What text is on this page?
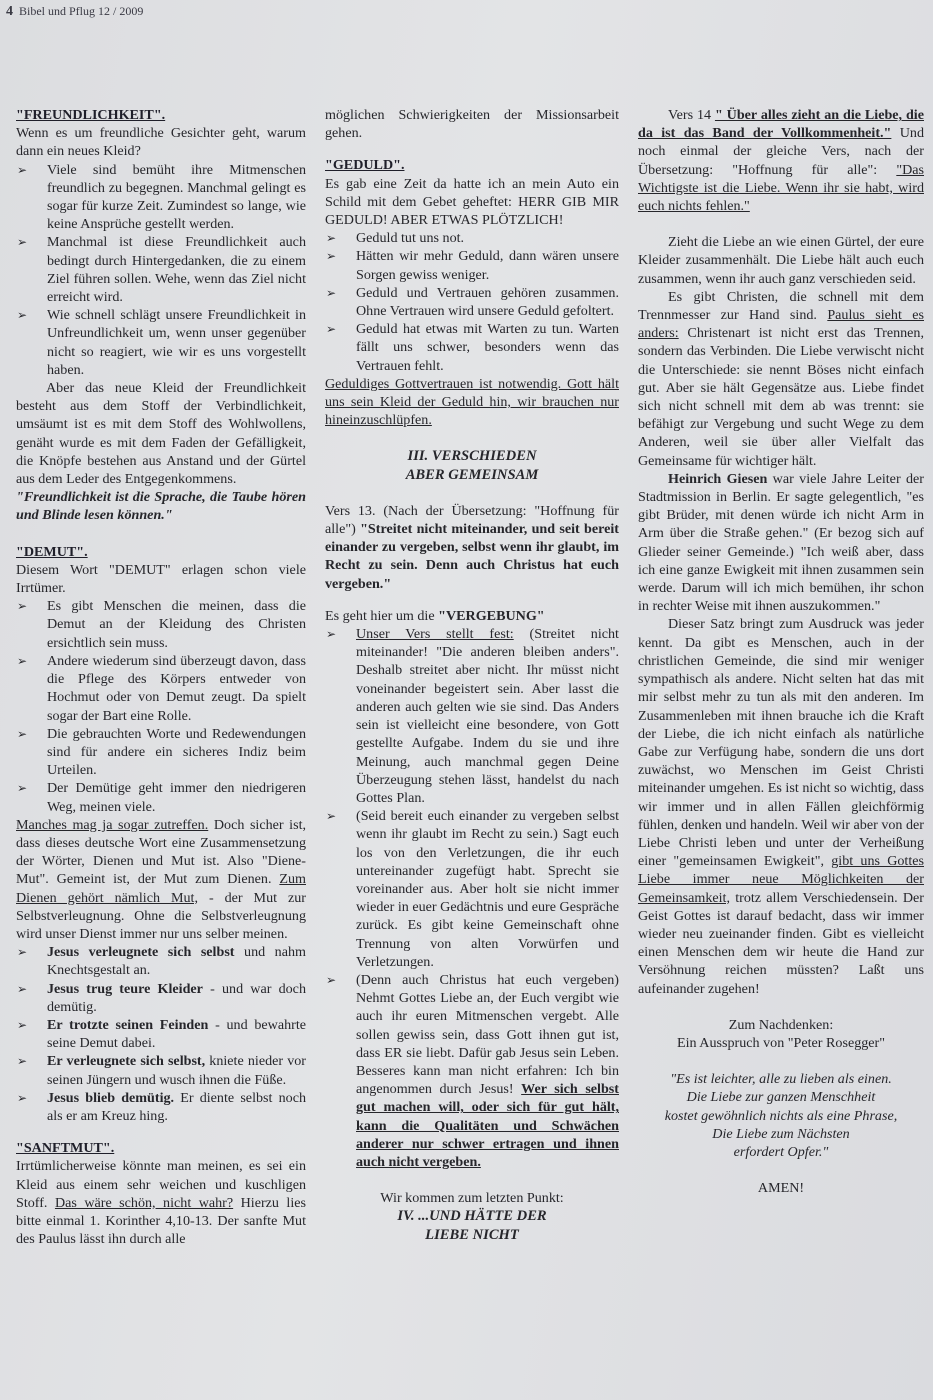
4 Bibel und Pflug 12 / 2009

"FREUNDLICHKEIT".

Wenn es um freundliche Gesichter geht, warum dann ein neues Kleid?

➢ Viele sind bemüht ihre Mitmenschen freundlich zu begegnen. Manchmal gelingt es sogar für kurze Zeit. Zumindest so lange, wie keine Ansprüche gestellt werden.
➢ Manchmal ist diese Freundlichkeit auch bedingt durch Hintergedanken, die zu einem Ziel führen sollen. Wehe, wenn das Ziel nicht erreicht wird.
➢ Wie schnell schlägt unsere Freundlichkeit in Unfreundlichkeit um, wenn unser gegenüber nicht so reagiert, wie wir es uns vorgestellt haben.

Aber das neue Kleid der Freundlichkeit besteht aus dem Stoff der Verbindlichkeit, umsäumt ist es mit dem Stoff des Wohlwollens, genäht wurde es mit dem Faden der Gefälligkeit, die Knöpfe bestehen aus Anstand und der Gürtel aus dem Leder des Entgegenkommens.

"Freundlichkeit ist die Sprache, die Taube hören und Blinde lesen können."

"DEMUT".

Diesem Wort "DEMUT" erlagen schon viele Irrtümer.

➢ Es gibt Menschen die meinen, dass die Demut an der Kleidung des Christen ersichtlich sein muss.
➢ Andere wiederum sind überzeugt davon, dass die Pflege des Körpers entweder von Hochmut oder von Demut zeugt. Da spielt sogar der Bart eine Rolle.
➢ Die gebrauchten Worte und Redewendungen sind für andere ein sicheres Indiz beim Urteilen.
➢ Der Demütige geht immer den niedrigeren Weg, meinen viele.

Manches mag ja sogar zutreffen. Doch sicher ist, dass dieses deutsche Wort eine Zusammensetzung der Wörter, Dienen und Mut ist. Also "Diene-Mut". Gemeint ist, der Mut zum Dienen. Zum Dienen gehört nämlich Mut, - der Mut zur Selbstverleugnung. Ohne die Selbstverleugnung wird unser Dienst immer nur uns selber meinen.

➢ Jesus verleugnete sich selbst und nahm Knechtsgestalt an.
➢ Jesus trug teure Kleider - und war doch demütig.
➢ Er trotzte seinen Feinden - und bewahrte seine Demut dabei.
➢ Er verleugnete sich selbst, kniete nieder vor seinen Jüngern und wusch ihnen die Füße.
➢ Jesus blieb demütig. Er diente selbst noch als er am Kreuz hing.

"SANFTMUT".

Irrtümlicherweise könnte man meinen, es sei ein Kleid aus einem sehr weichen und kuschligen Stoff. Das wäre schön, nicht wahr? Hierzu lies bitte einmal 1. Korinther 4,10-13. Der sanfte Mut des Paulus lässt ihn durch alle

möglichen Schwierigkeiten der Missionsarbeit gehen.

"GEDULD".

Es gab eine Zeit da hatte ich an mein Auto ein Schild mit dem Gebet geheftet: HERR GIB MIR GEDULD! ABER ETWAS PLÖTZLICH!

➢ Geduld tut uns not.
➢ Hätten wir mehr Geduld, dann wären unsere Sorgen gewiss weniger.
➢ Geduld und Vertrauen gehören zusammen. Ohne Vertrauen wird unsere Geduld gefoltert.
➢ Geduld hat etwas mit Warten zu tun. Warten fällt uns schwer, besonders wenn das Vertrauen fehlt.

Geduldiges Gottvertrauen ist notwendig. Gott hält uns sein Kleid der Geduld hin, wir brauchen nur hineinzuschlüpfen.

III. VERSCHIEDEN

ABER GEMEINSAM

Vers 13. (Nach der Übersetzung: "Hoffnung für alle") "Streitet nicht miteinander, und seit bereit einander zu vergeben, selbst wenn ihr glaubt, im Recht zu sein. Denn auch Christus hat euch vergeben."

Es geht hier um die "VERGEBUNG"

➢ Unser Vers stellt fest: (Streitet nicht miteinander! "Die anderen bleiben anders". Deshalb streitet aber nicht. Ihr müsst nicht voneinander begeistert sein. Aber lasst die anderen auch gelten wie sie sind. Das Anders sein ist vielleicht eine besondere, von Gott gestellte Aufgabe. Indem du sie und ihre Meinung, auch manchmal gegen Deine Überzeugung stehen lässt, handelst du nach Gottes Plan.
➢ (Seid bereit euch einander zu vergeben selbst wenn ihr glaubt im Recht zu sein.) Sagt euch los von den Verletzungen, die ihr euch untereinander zugefügt habt. Sprecht sie voreinander aus. Aber holt sie nicht immer wieder in euer Gedächtnis und eure Gespräche zurück. Es gibt keine Gemeinschaft ohne Trennung von alten Vorwürfen und Verletzungen.
➢ (Denn auch Christus hat euch vergeben) Nehmt Gottes Liebe an, der Euch vergibt wie auch ihr euren Mitmenschen vergebt. Alle sollen gewiss sein, dass Gott ihnen gut ist, dass ER sie liebt. Dafür gab Jesus sein Leben. Besseres kann man nicht erfahren: Ich bin angenommen durch Jesus! Wer sich selbst gut machen will, oder sich für gut hält, kann die Qualitäten und Schwächen anderer nur schwer ertragen und ihnen auch nicht vergeben.

Wir kommen zum letzten Punkt:

IV. ...UND HÄTTE DER

LIEBE NICHT

Vers 14 " Über alles zieht an die Liebe, die da ist das Band der Vollkommenheit." Und noch einmal der gleiche Vers, nach der Übersetzung: "Hoffnung für alle": "Das Wichtigste ist die Liebe. Wenn ihr sie habt, wird euch nichts fehlen."

Zieht die Liebe an wie einen Gürtel, der eure Kleider zusammenhält. Die Liebe hält auch euch zusammen, wenn ihr auch ganz verschieden seid.

Es gibt Christen, die schnell mit dem Trennmesser zur Hand sind. Paulus sieht es anders: Christenart ist nicht erst das Trennen, sondern das Verbinden. Die Liebe verwischt nicht die Unterschiede: sie nennt Böses nicht einfach gut. Aber sie hält Gegensätze aus. Liebe findet sich nicht schnell mit dem ab was trennt: sie befähigt zur Vergebung und sucht Wege zu dem Anderen, weil sie über aller Vielfalt das Gemeinsame für wichtiger hält.

Heinrich Giesen war viele Jahre Leiter der Stadtmission in Berlin. Er sagte gelegentlich, "es gibt Brüder, mit denen würde ich nicht Arm in Arm über die Straße gehen." (Er bezog sich auf Glieder seiner Gemeinde.) "Ich weiß aber, dass ich eine ganze Ewigkeit mit ihnen zusammen sein werde. Darum will ich mich bemühen, ihr schon in rechter Weise mit ihnen auszukommen."

Dieser Satz bringt zum Ausdruck was jeder kennt. Da gibt es Menschen, auch in der christlichen Gemeinde, die sind mir weniger sympathisch als andere. Nicht selten hat das mit mir selbst mehr zu tun als mit den anderen. Im Zusammenleben mit ihnen brauche ich die Kraft der Liebe, die ich nicht einfach als natürliche Gabe zur Verfügung habe, sondern die uns dort zuwächst, wo Menschen im Geist Christi miteinander umgehen. Es ist nicht so wichtig, dass wir immer und in allen Fällen gleichförmig fühlen, denken und handeln. Weil wir aber von der Liebe Christi leben und unter der Verheißung einer "gemeinsamen Ewigkeit", gibt uns Gottes Liebe immer neue Möglichkeiten der Gemeinsamkeit, trotz allem Verschiedensein. Der Geist Gottes ist darauf bedacht, dass wir immer wieder neu zueinander finden. Gibt es vielleicht einen Menschen dem wir heute die Hand zur Versöhnung reichen müssten? Laßt uns aufeinander zugehen!

Zum Nachdenken:

Ein Ausspruch von "Peter Rosegger"

"Es ist leichter, alle zu lieben als einen.

Die Liebe zur ganzen Menschheit

kostet gewöhnlich nichts als eine Phrase,

Die Liebe zum Nächsten

erfordert Opfer."

AMEN!
